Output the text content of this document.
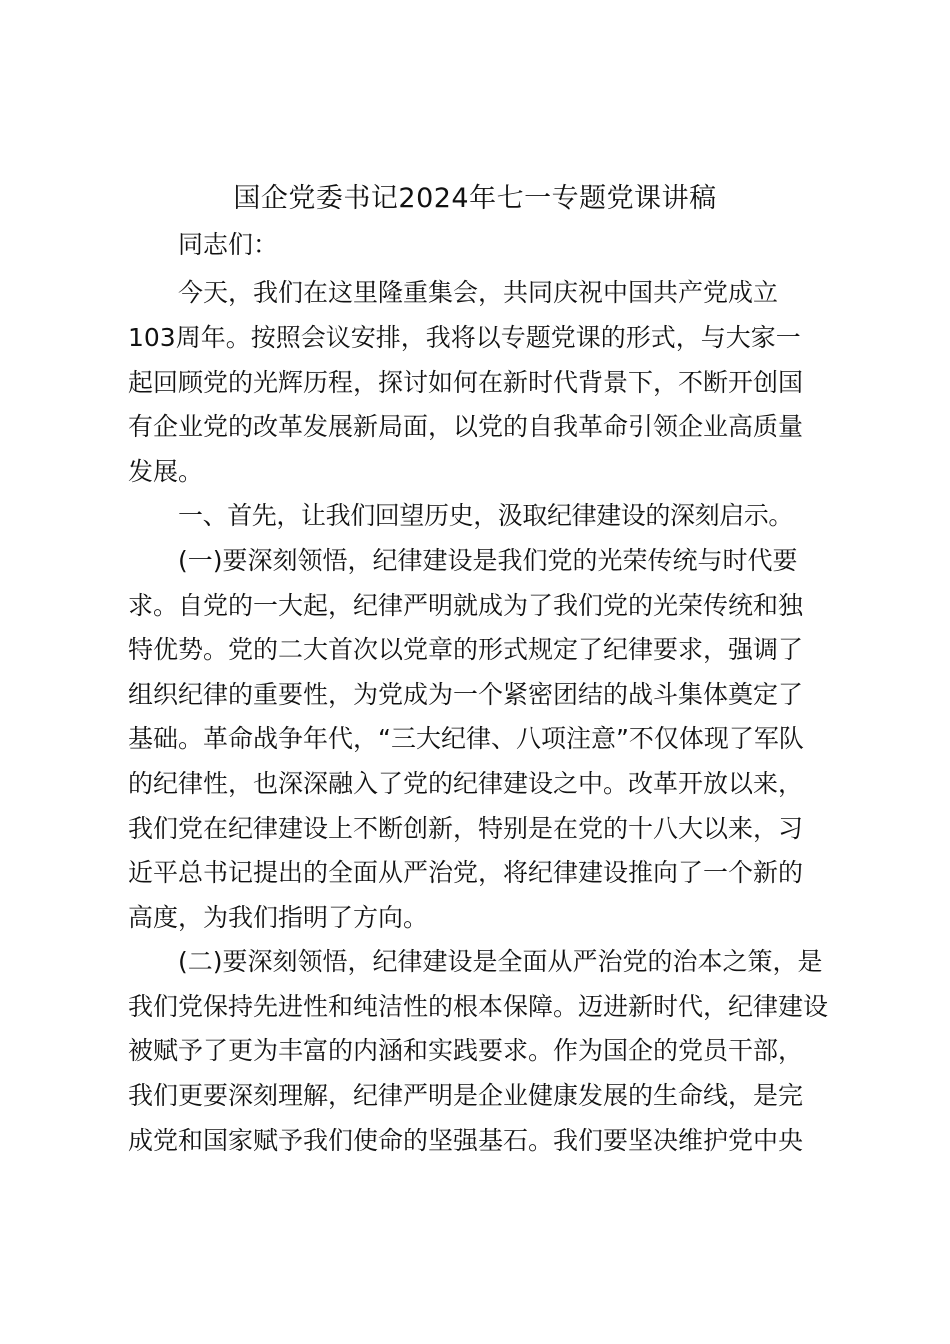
国企党委书记2024年七一专题党课讲稿
同志们：
今天，我们在这里隆重集会，共同庆祝中国共产党成立
103周年。按照会议安排，我将以专题党课的形式，与大家一
起回顾党的光辉历程，探讨如何在新时代背景下，不断开创国
有企业党的改革发展新局面，以党的自我革命引领企业高质量
发展。
一、首先，让我们回望历史，汲取纪律建设的深刻启示。
(一)要深刻领悟，纪律建设是我们党的光荣传统与时代要
求。自党的一大起，纪律严明就成为了我们党的光荣传统和独
特优势。党的二大首次以党章的形式规定了纪律要求，强调了
组织纪律的重要性，为党成为一个紧密团结的战斗集体奠定了
基础。革命战争年代，“三大纪律、八项注意”不仅体现了军队
的纪律性，也深深融入了党的纪律建设之中。改革开放以来，
我们党在纪律建设上不断创新，特别是在党的十八大以来，习
近平总书记提出的全面从严治党，将纪律建设推向了一个新的
高度，为我们指明了方向。
(二)要深刻领悟，纪律建设是全面从严治党的治本之策，是
我们党保持先进性和纯洁性的根本保障。迈进新时代，纪律建设
被赋予了更为丰富的内涵和实践要求。作为国企的党员干部，
我们更要深刻理解，纪律严明是企业健康发展的生命线，是完
成党和国家赋予我们使命的坚强基石。我们要坚决维护党中央
